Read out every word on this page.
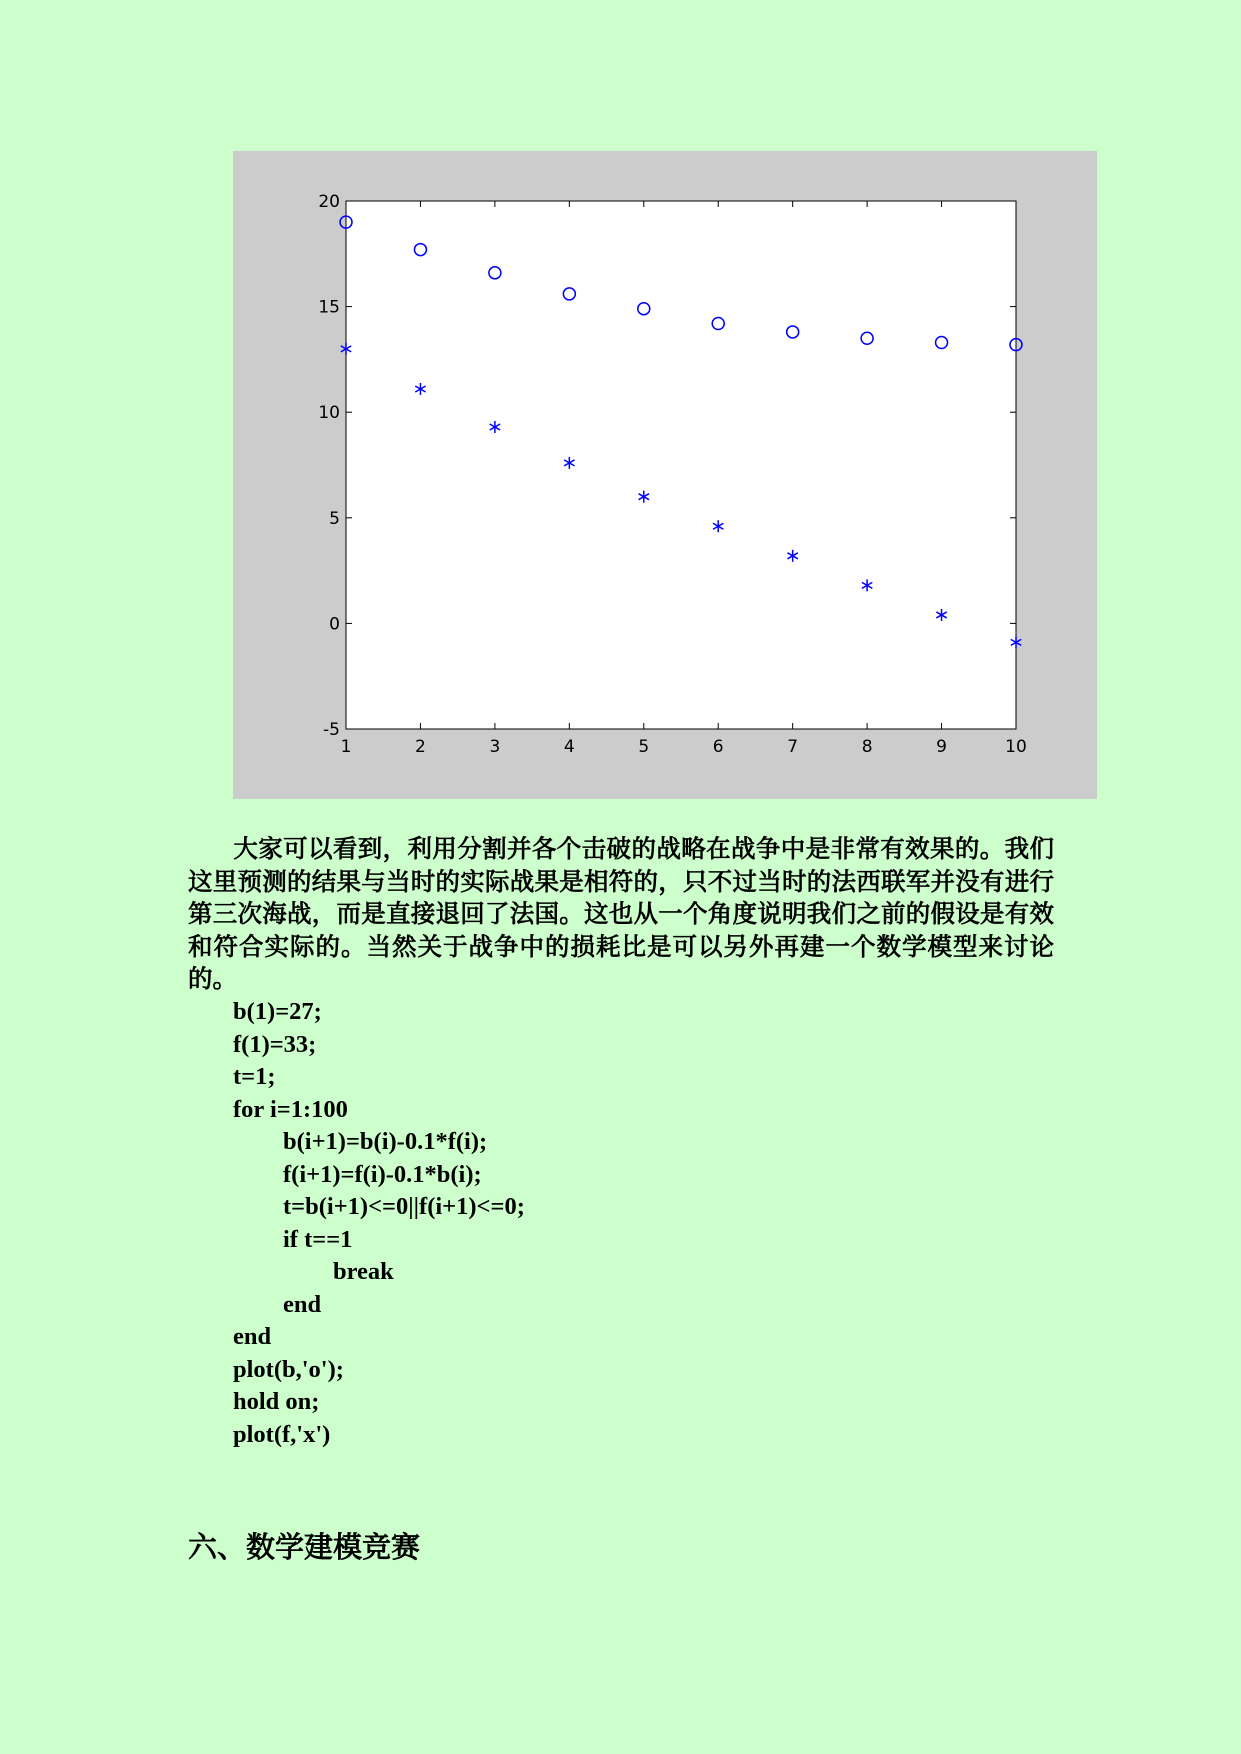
1	2	3	4	5	6	7	8	9	10
-5
0
5
10
15
20

大家可以看到，利用分割并各个击破的战略在战争中是非常有效果的。我们这里预测的结果与当时的实际战果是相符的，只不过当时的法西联军并没有进行第三次海战，而是直接退回了法国。这也从一个角度说明我们之前的假设是有效和符合实际的。当然关于战争中的损耗比是可以另外再建一个数学模型来讨论的。

b(1)=27;
f(1)=33;
t=1;
for i=1:100
b(i+1)=b(i)-0.1*f(i);
f(i+1)=f(i)-0.1*b(i);
t=b(i+1)<=0||f(i+1)<=0;
if t==1
break
end
end
plot(b,'o');
hold on;
plot(f,'x')
六、数学建模竞赛
